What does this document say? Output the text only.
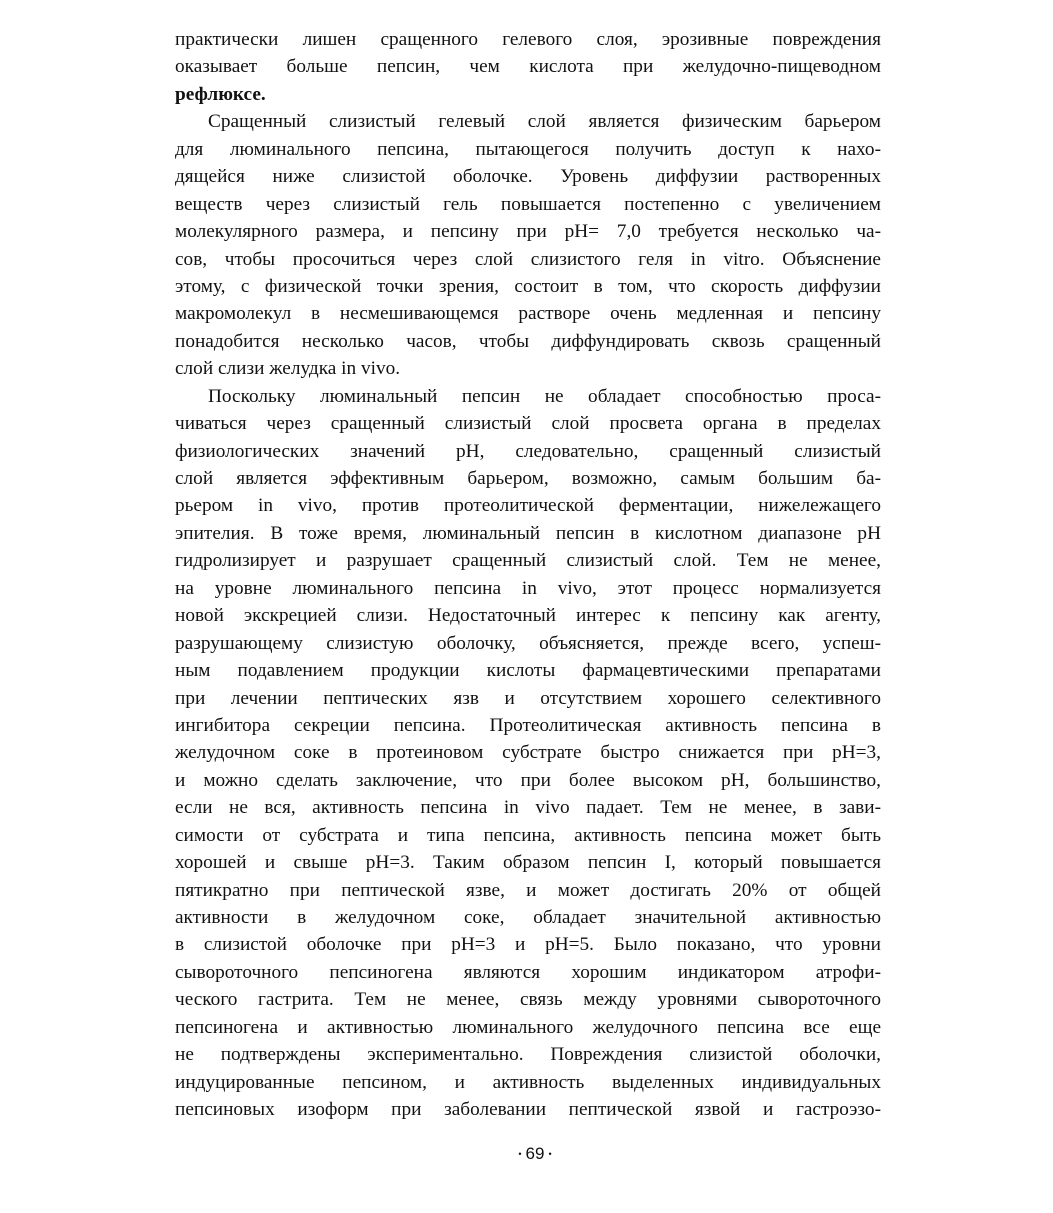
практически лишен сращенного гелевого слоя, эрозивные повреждения
оказывает больше пепсин, чем кислота при желудочно-пищеводном
рефлюксе.
Сращенный слизистый гелевый слой является физическим барьером
для люминального пепсина, пытающегося получить доступ к нахо-
дящейся ниже слизистой оболочке. Уровень диффузии растворенных
веществ через слизистый гель повышается постепенно с увеличением
молекулярного размера, и пепсину при pH= 7,0 требуется несколько ча-
сов, чтобы просочиться через слой слизистого геля in vitro. Объяснение
этому, с физической точки зрения, состоит в том, что скорость диффузии
макромолекул в несмешивающемся растворе очень медленная и пепсину
понадобится несколько часов, чтобы диффундировать сквозь сращенный
слой слизи желудка in vivo.
Поскольку люминальный пепсин не обладает способностью проса-
чиваться через сращенный слизистый слой просвета органа в пределах
физиологических значений pH, следовательно, сращенный слизистый
слой является эффективным барьером, возможно, самым большим ба-
рьером in vivo, против протеолитической ферментации, нижележащего
эпителия. В тоже время, люминальный пепсин в кислотном диапазоне pH
гидролизирует и разрушает сращенный слизистый слой. Тем не менее,
на уровне люминального пепсина in vivo, этот процесс нормализуется
новой экскрецией слизи. Недостаточный интерес к пепсину как агенту,
разрушающему слизистую оболочку, объясняется, прежде всего, успеш-
ным подавлением продукции кислоты фармацевтическими препаратами
при лечении пептических язв и отсутствием хорошего селективного
ингибитора секреции пепсина. Протеолитическая активность пепсина в
желудочном соке в протеиновом субстрате быстро снижается при pH=3,
и можно сделать заключение, что при более высоком pH, большинство,
если не вся, активность пепсина in vivo падает. Тем не менее, в зави-
симости от субстрата и типа пепсина, активность пепсина может быть
хорошей и свыше pH=3. Таким образом пепсин I, который повышается
пятикратно при пептической язве, и может достигать 20% от общей
активности в желудочном соке, обладает значительной активностью
в слизистой оболочке при pH=3 и pH=5. Было показано, что уровни
сывороточного пепсиногена являются хорошим индикатором атрофи-
ческого гастрита. Тем не менее, связь между уровнями сывороточного
пепсиногена и активностью люминального желудочного пепсина все еще
не подтверждены экспериментально. Повреждения слизистой оболочки,
индуцированные пепсином, и активность выделенных индивидуальных
пепсиновых изоформ при заболевании пептической язвой и гастроэзо-
• 69 •
